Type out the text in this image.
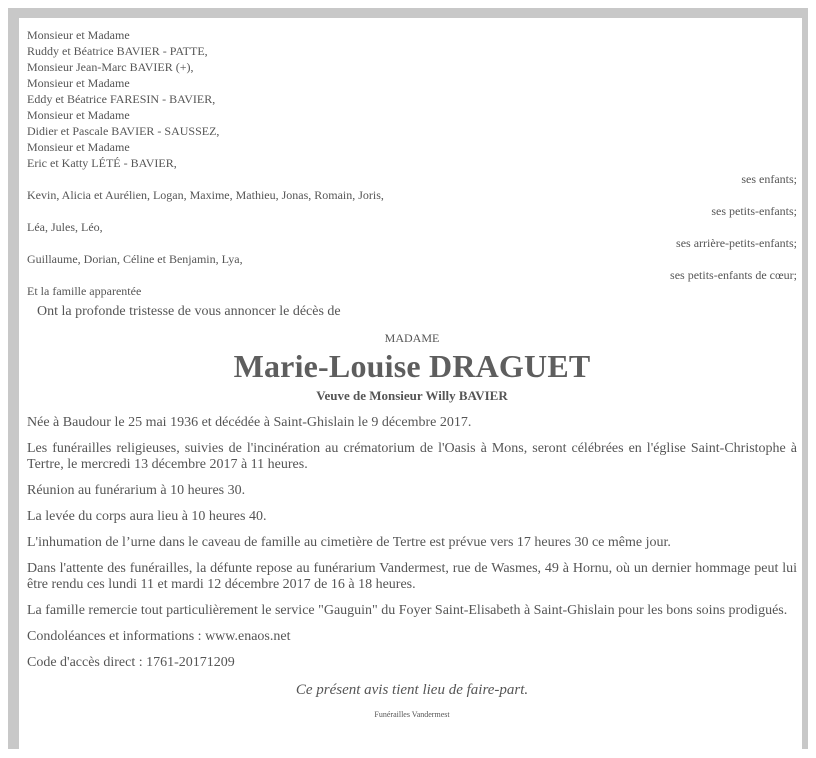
Monsieur et Madame
Ruddy et Béatrice BAVIER - PATTE,
Monsieur Jean-Marc BAVIER (+),
Monsieur et Madame
Eddy et Béatrice FARESIN - BAVIER,
Monsieur et Madame
Didier et Pascale BAVIER - SAUSSEZ,
Monsieur et Madame
Eric et Katty LÉTÉ - BAVIER,
ses enfants;
Kevin, Alicia et Aurélien, Logan, Maxime, Mathieu, Jonas, Romain, Joris,
ses petits-enfants;
Léa, Jules, Léo,
ses arrière-petits-enfants;
Guillaume, Dorian, Céline et Benjamin, Lya,
ses petits-enfants de cœur;
Et la famille apparentée
Ont la profonde tristesse de vous annoncer le décès de
MADAME
Marie-Louise DRAGUET
Veuve de Monsieur Willy BAVIER

Née à Baudour le 25 mai 1936 et décédée à Saint-Ghislain le 9 décembre 2017.

Les funérailles religieuses, suivies de l'incinération au crématorium de l'Oasis à Mons, seront célébrées en l'église Saint-Christophe à Tertre, le mercredi 13 décembre 2017 à 11 heures.

Réunion au funérarium à 10 heures 30.

La levée du corps aura lieu à 10 heures 40.

L'inhumation de l’urne dans le caveau de famille au cimetière de Tertre est prévue vers 17 heures 30 ce même jour.

Dans l'attente des funérailles, la défunte repose au funérarium Vandermest, rue de Wasmes, 49 à Hornu, où un dernier hommage peut lui être rendu ces lundi 11 et mardi 12 décembre 2017 de 16 à 18 heures.

La famille remercie tout particulièrement le service "Gauguin" du Foyer Saint-Elisabeth à Saint-Ghislain pour les bons soins prodigués.

Condoléances et informations : www.enaos.net

Code d'accès direct : 1761-20171209

Ce présent avis tient lieu de faire-part.
Funérailles Vandermest
